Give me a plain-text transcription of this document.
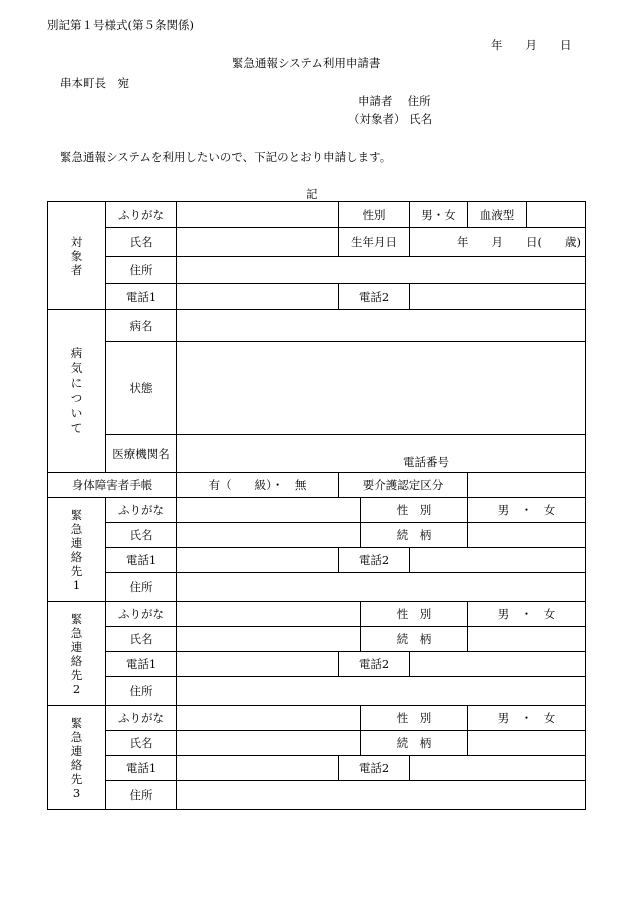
別記第１号様式(第５条関係)
年　　月　　日
緊急通報システム利用申請書
串本町長　宛
申請者　 住所
（対象者） 氏名
緊急通報システムを利用したいので、下記のとおり申請します。
記
対象者	ふりがな		性別		男・女	血液型	
	氏名		生年月日		年　　月　　日(　　歳)		
	住所						
	電話1		電話2				

病気について	病名						
	状態						
	医療機関名	電話番号					
身体障害者手帳		有（　　級）・　無	要介護認定区分				

緊急連絡先1	ふりがな			性　別		男　・　女	
	氏名			続　柄			
	電話1		電話2				
	住所						

緊急連絡先2	ふりがな			性　別		男　・　女	
	氏名			続　柄			
	電話1		電話2				
	住所						

緊急連絡先3	ふりがな			性　別		男　・　女	
	氏名			続　柄			
	電話1		電話2				
	住所						
